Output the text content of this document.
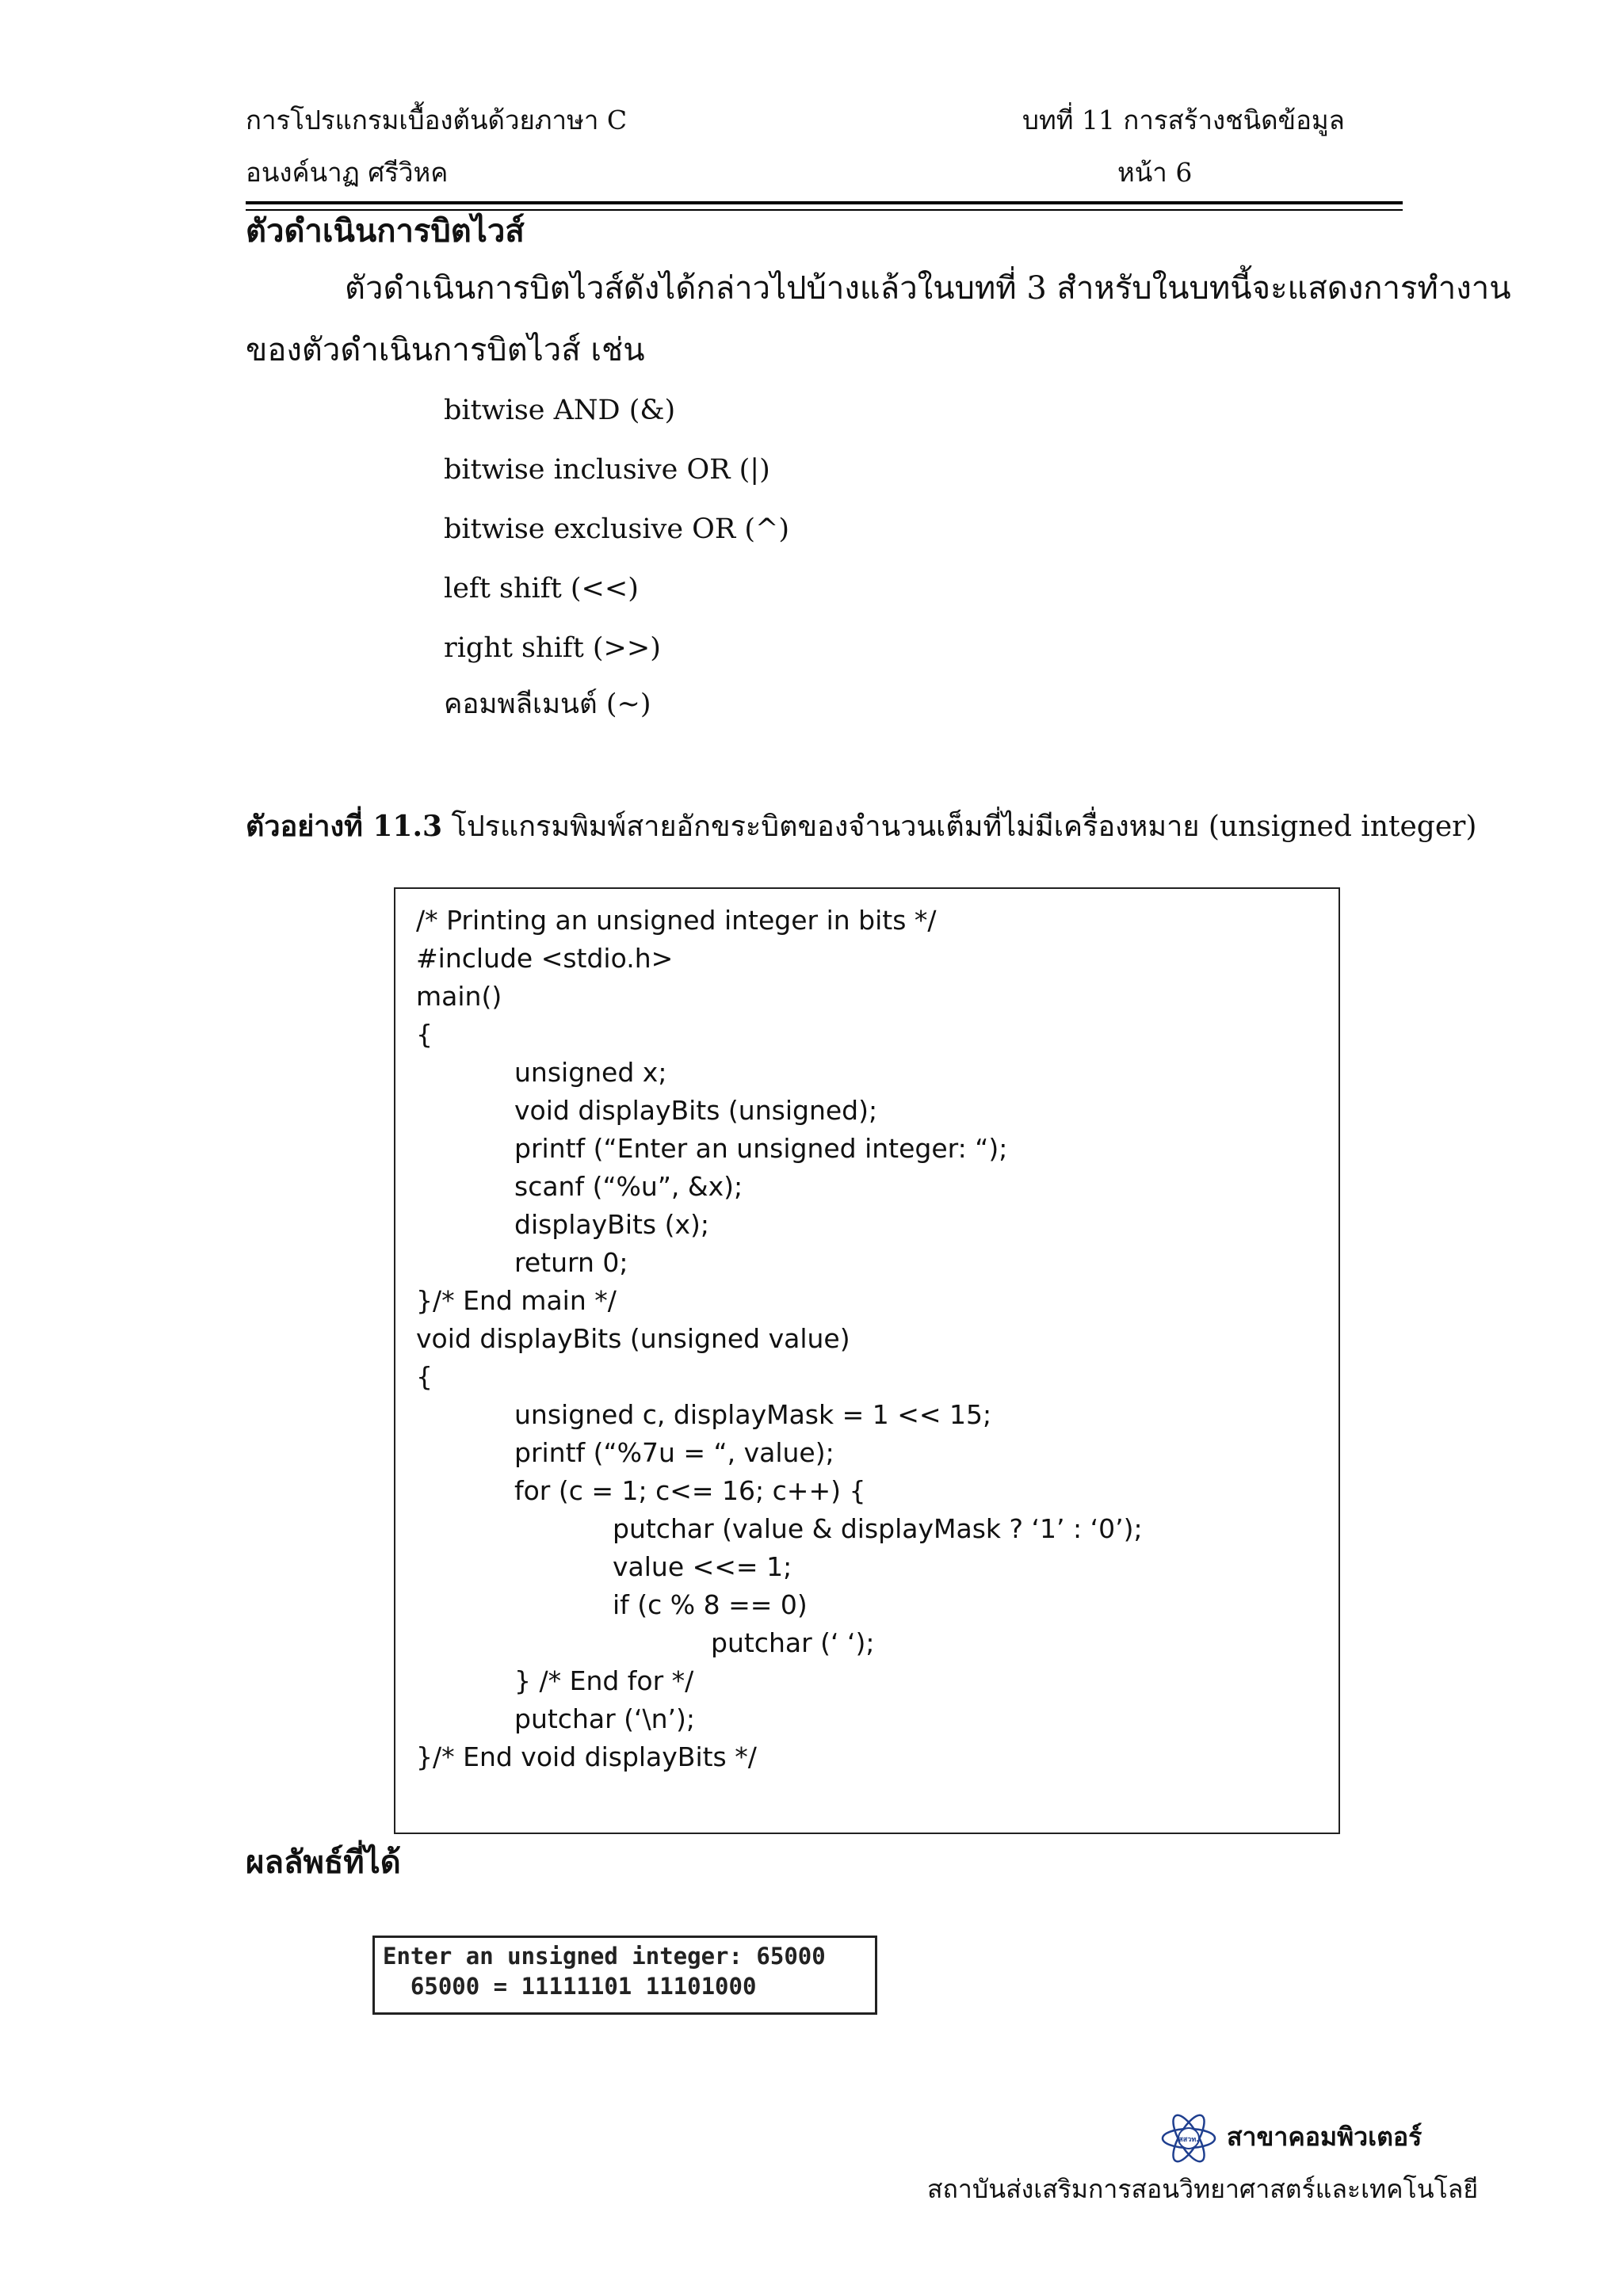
การโปรแกรมเบื้องต้นด้วยภาษา C
อนงค์นาฏ ศรีวิหค
บทที่ 11 การสร้างชนิดข้อมูล
หน้า 6
ตัวดำเนินการบิตไวส์
ตัวดำเนินการบิตไวส์ดังได้กล่าวไปบ้างแล้วในบทที่ 3 สำหรับในบทนี้จะแสดงการทำงาน
ของตัวดำเนินการบิตไวส์ เช่น
bitwise AND (&)
bitwise inclusive OR (|)
bitwise exclusive OR (^)
left shift (<<)
right shift (>>)
คอมพลีเมนต์ (~)
ตัวอย่างที่ 11.3 โปรแกรมพิมพ์สายอักขระบิตของจำนวนเต็มที่ไม่มีเครื่องหมาย (unsigned integer)
/* Printing an unsigned integer in bits */
#include <stdio.h>
main()
{
unsigned x;
void displayBits (unsigned);
printf (“Enter an unsigned integer: “);
scanf (“%u”, &x);
displayBits (x);
return 0;
}/* End main */
void displayBits (unsigned value)
{
unsigned c, displayMask = 1 << 15;
printf (“%7u = “, value);
for (c = 1; c<= 16; c++) {
putchar (value & displayMask ? ‘1’ : ‘0’);
value <<= 1;
if (c % 8 == 0)
putchar (‘ ‘);
} /* End for */
putchar (‘\n’);
}/* End void displayBits */
ผลลัพธ์ที่ได้
Enter an unsigned integer: 65000
65000 = 11111101 11101000
สสวท. สาขาคอมพิวเตอร์
สถาบันส่งเสริมการสอนวิทยาศาสตร์และเทคโนโลยี
